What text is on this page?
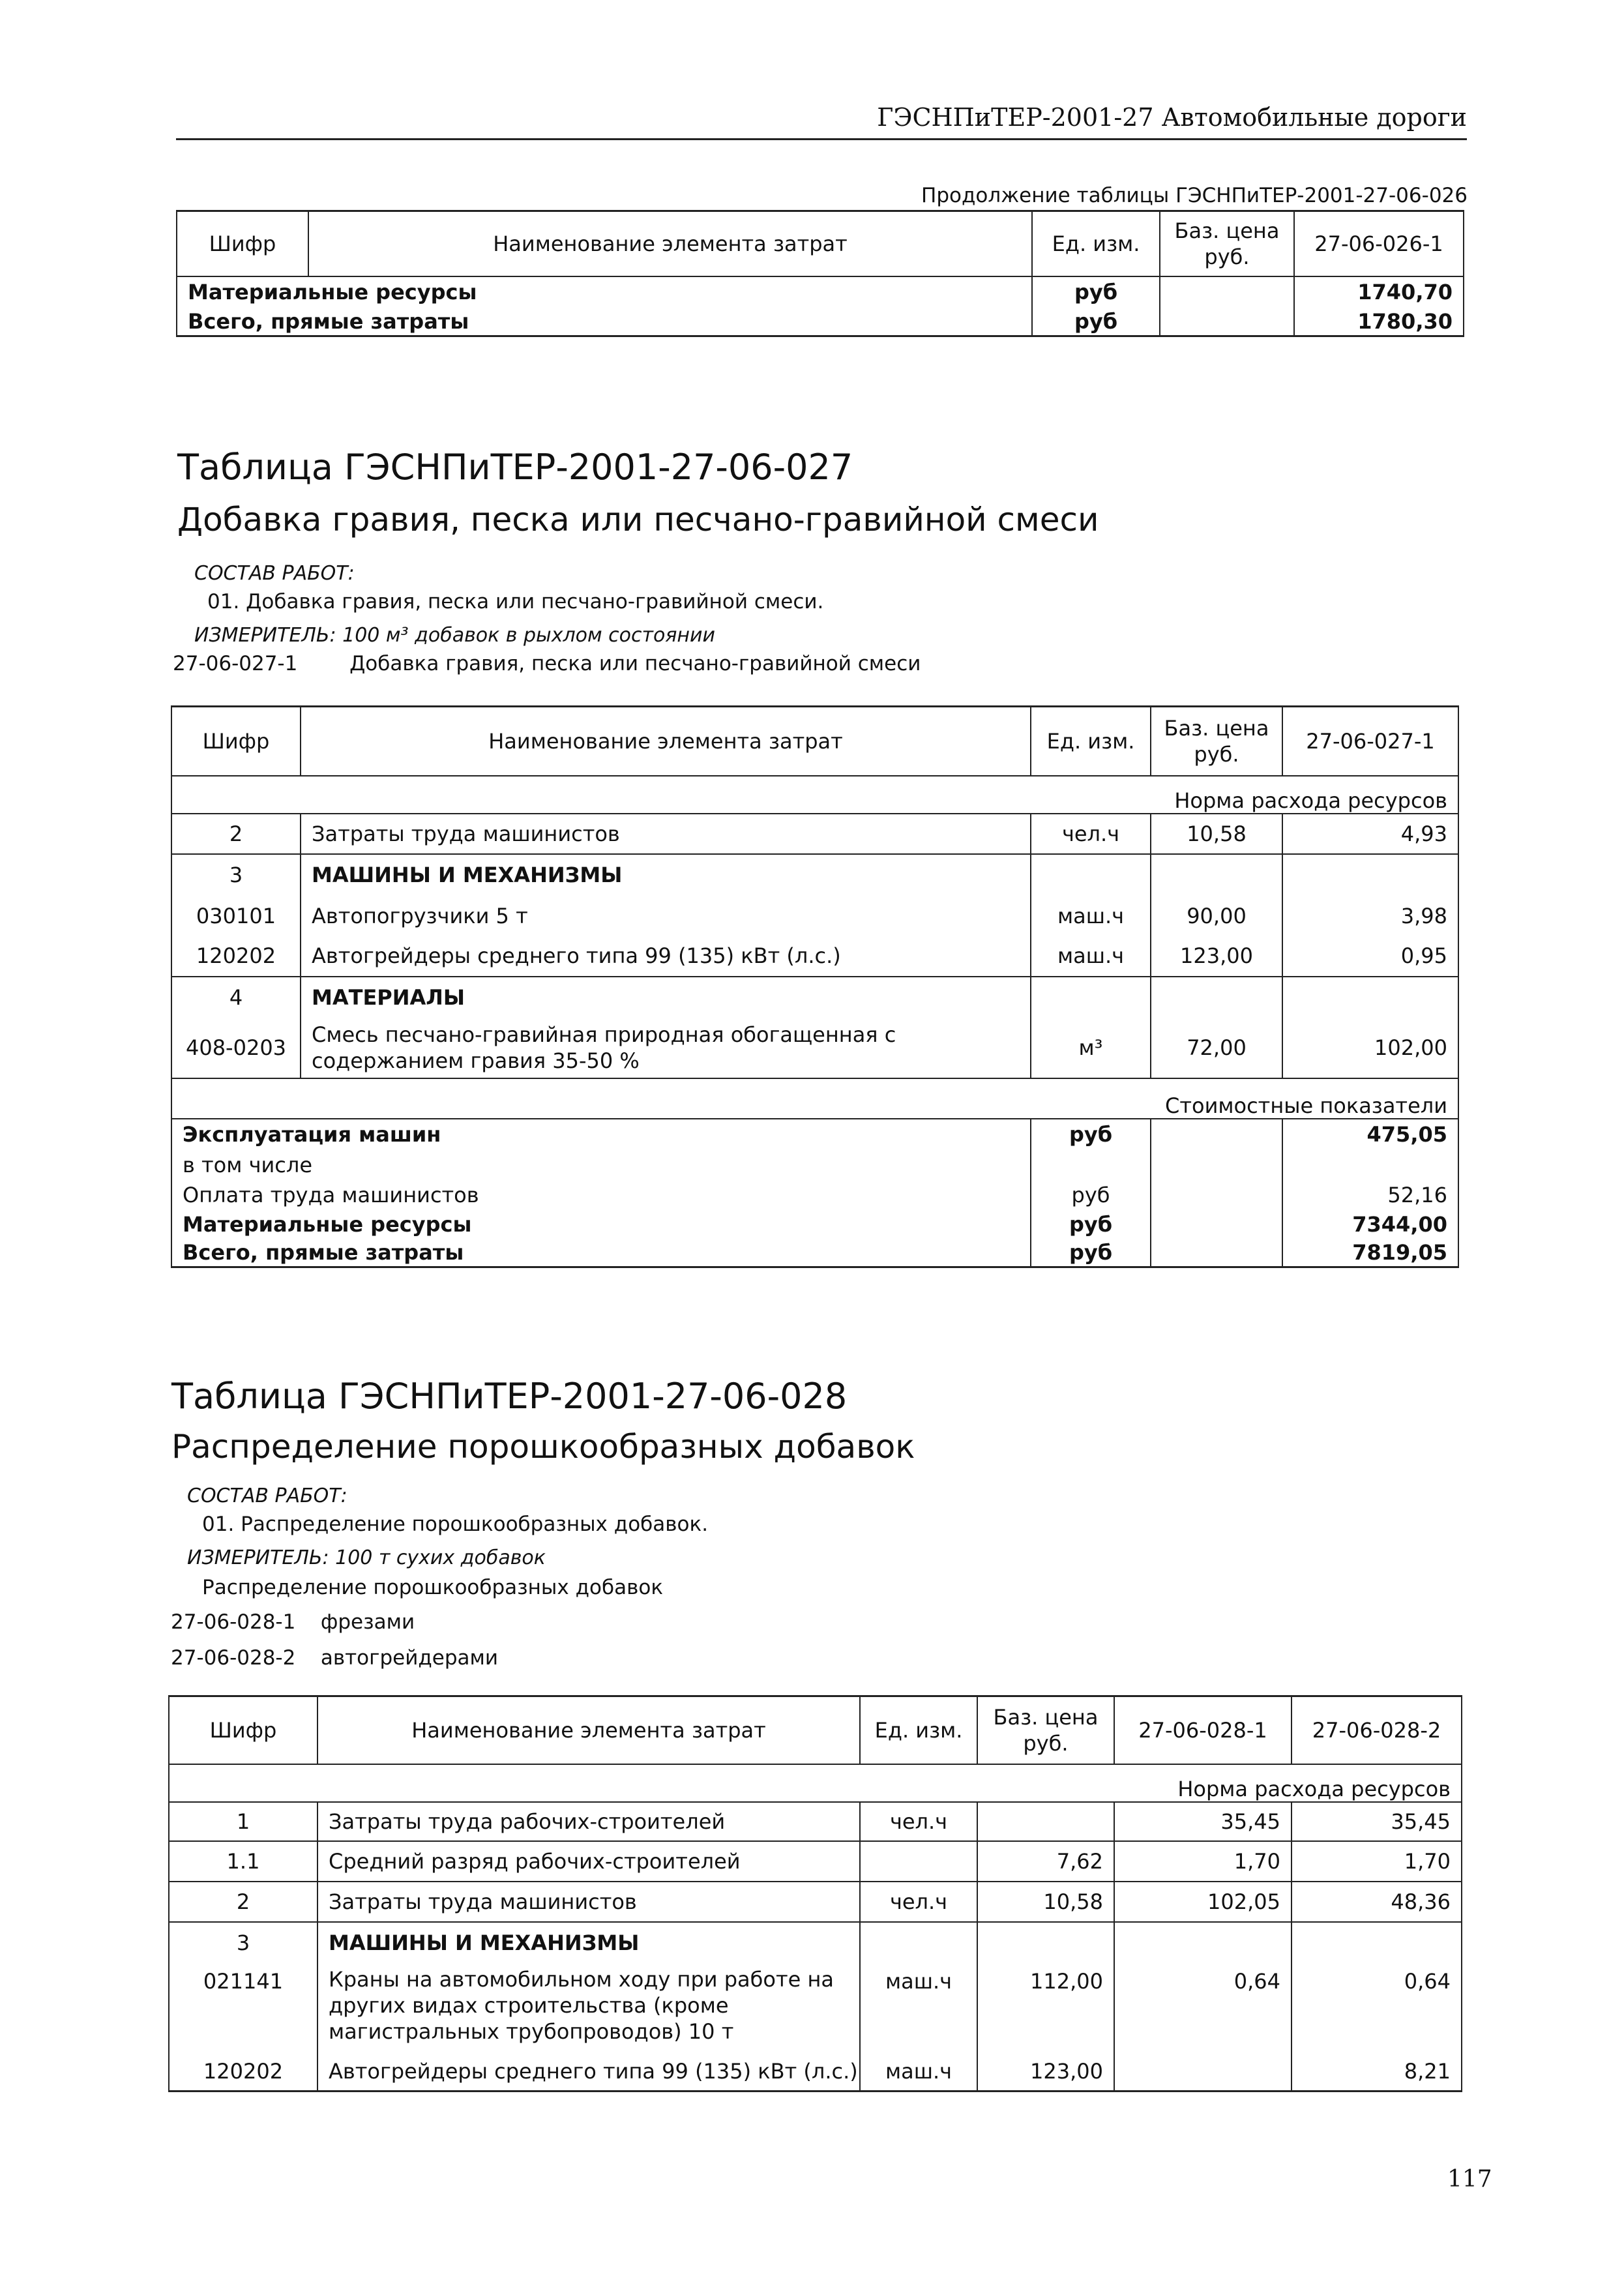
ГЭСНПиТЕР-2001-27 Автомобильные дороги
Продолжение таблицы ГЭСНПиТЕР-2001-27-06-026
Шифр	Наименование элемента затрат	Ед. изм.	Баз. цена руб.	27-06-026-1
Материальные ресурсы		руб		1740,70
Всего, прямые затраты		руб		1780,30
Таблица ГЭСНПиТЕР-2001-27-06-027
Добавка гравия, песка или песчано-гравийной смеси
СОСТАВ РАБОТ:
01. Добавка гравия, песка или песчано-гравийной смеси.
ИЗМЕРИТЕЛЬ: 100 м³ добавок в рыхлом состоянии
27-06-027-1	Добавка гравия, песка или песчано-гравийной смеси
Шифр	Наименование элемента затрат	Ед. изм.	Баз. цена руб.	27-06-027-1
Норма расхода ресурсов				
2	Затраты труда машинистов	чел.ч	10,58	4,93
3	МАШИНЫ И МЕХАНИЗМЫ			
030101	Автопогрузчики 5 т	маш.ч	90,00	3,98
120202	Автогрейдеры среднего типа 99 (135) кВт (л.с.)	маш.ч	123,00	0,95
4	МАТЕРИАЛЫ			
408-0203	Смесь песчано-гравийная природная обогащенная с содержанием гравия 35-50 %	м³	72,00	102,00
Стоимостные показатели				
Эксплуатация машин		руб		475,05
в том числе				
Оплата труда машинистов		руб		52,16
Материальные ресурсы		руб		7344,00
Всего, прямые затраты		руб		7819,05
Таблица ГЭСНПиТЕР-2001-27-06-028
Распределение порошкообразных добавок
СОСТАВ РАБОТ:
01. Распределение порошкообразных добавок.
ИЗМЕРИТЕЛЬ: 100 т сухих добавок
Распределение порошкообразных добавок
27-06-028-1 фрезами
27-06-028-2 автогрейдерами
Шифр	Наименование элемента затрат	Ед. изм.	Баз. цена руб.	27-06-028-1	27-06-028-2
Норма расхода ресурсов					
1	Затраты труда рабочих-строителей	чел.ч		35,45	35,45
1.1	Средний разряд рабочих-строителей		7,62	1,70	1,70
2	Затраты труда машинистов	чел.ч	10,58	102,05	48,36
3	МАШИНЫ И МЕХАНИЗМЫ				
021141	Краны на автомобильном ходу при работе на других видах строительства (кроме магистральных трубопроводов) 10 т	маш.ч	112,00	0,64	0,64
120202	Автогрейдеры среднего типа 99 (135) кВт (л.с.)	маш.ч	123,00		8,21
117
